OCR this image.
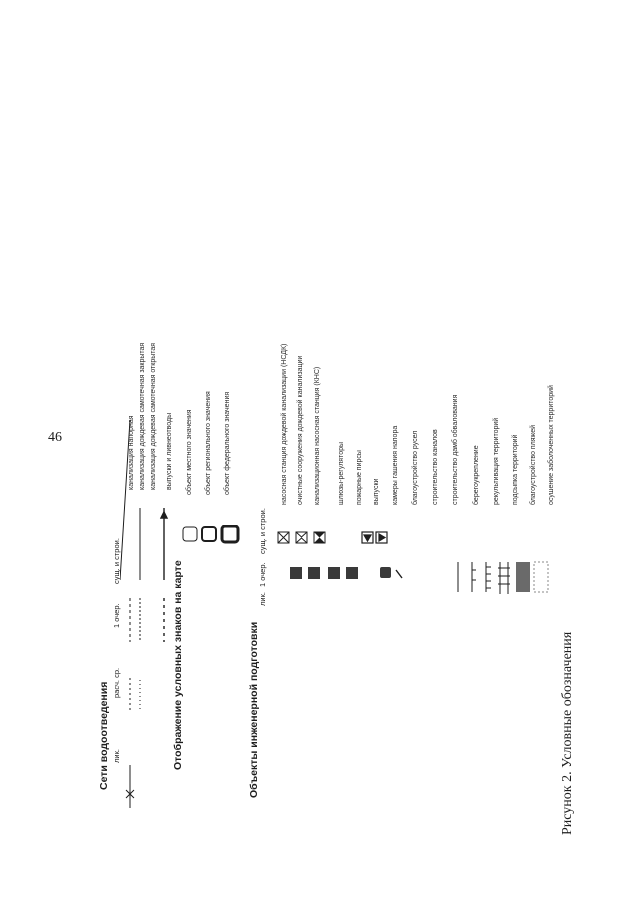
46
Рисунок 2. Условные обозначения
Сети водоотведения лик.
расч. ср.
1 очер.
сущ. и строи.
канализация напорная канализация дождевая самотечная закрытая канализация дождевая самотечная открытая выпуски и ливнеотводы
Отображение условных знаков на карте
объект местного значения объект регионального значения объект федерального значения
Объекты инженерной подготовки
лик.
1 очер.
сущ. и строи.
насосная станция дождевой канализации (НСДК) очистные сооружения дождевой канализации канализационная насосная станция (КНС) шлюзы-регуляторы пожарные пирсы выпуски камеры гашения напора благоустройство русел строительство каналов строительство дамб обвалования берегоукрепление рекультивация территорий подсыпка территорий благоустройство пляжей осушение заболоченных территорий
